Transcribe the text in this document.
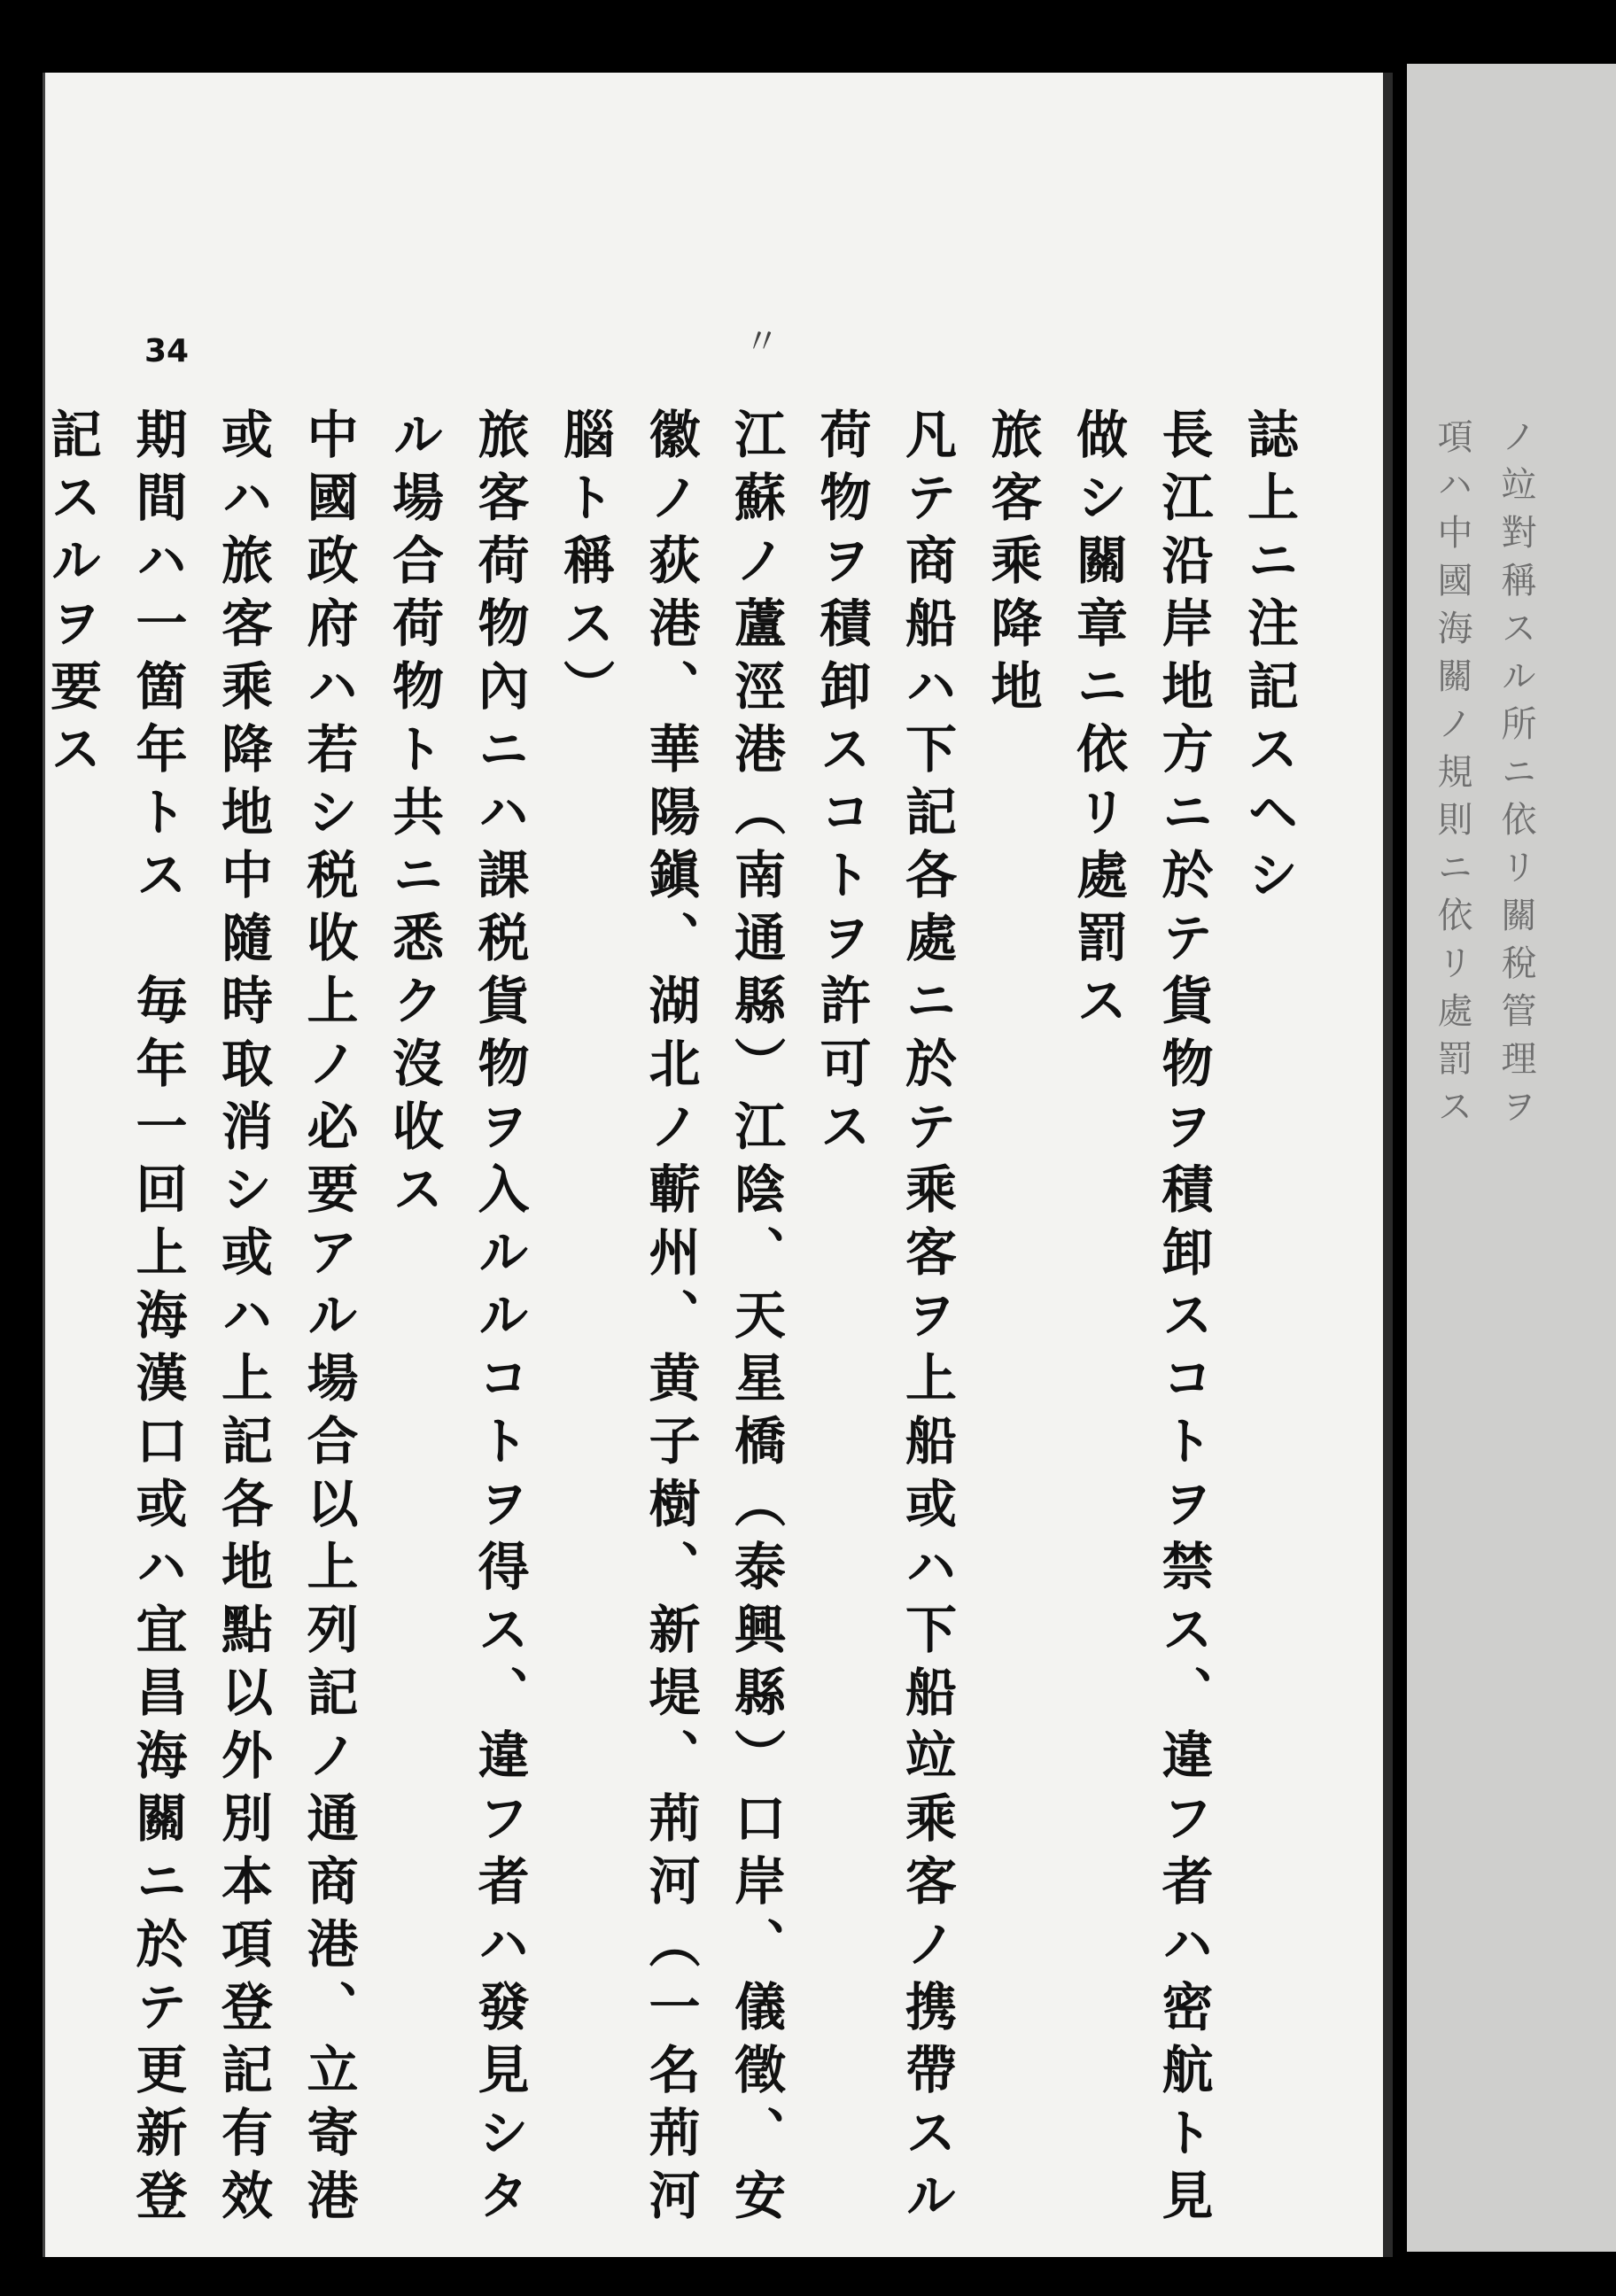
ノ竝對稱スル所ニ依リ關稅管理ヲ
項ハ中國海關ノ規則ニ依リ處罰ス
34	〃
誌上ニ注記スヘシ
長江沿岸地方ニ於テ貨物ヲ積卸スコトヲ禁ス、違フ者ハ密航ト見
做シ關章ニ依リ處罰ス
旅客乘降地
凡テ商船ハ下記各處ニ於テ乘客ヲ上船或ハ下船竝乘客ノ携帶スル
荷物ヲ積卸スコトヲ許可ス
江蘇ノ蘆涇港（南通縣）江陰、天星橋（泰興縣）口岸、儀徵、安
徽ノ荻港、華陽鎭、湖北ノ蘄州、黄子樹、新堤、荊河（一名荊河
腦ト稱ス）
旅客荷物內ニハ課税貨物ヲ入ルルコトヲ得ス、違フ者ハ發見シタ
ル場合荷物ト共ニ悉ク沒收ス
中國政府ハ若シ税收上ノ必要アル場合以上列記ノ通商港、立寄港
或ハ旅客乘降地中隨時取消シ或ハ上記各地點以外別本項登記有效
期間ハ一箇年トス　毎年一回上海漢口或ハ宜昌海關ニ於テ更新登
記スルヲ要ス
